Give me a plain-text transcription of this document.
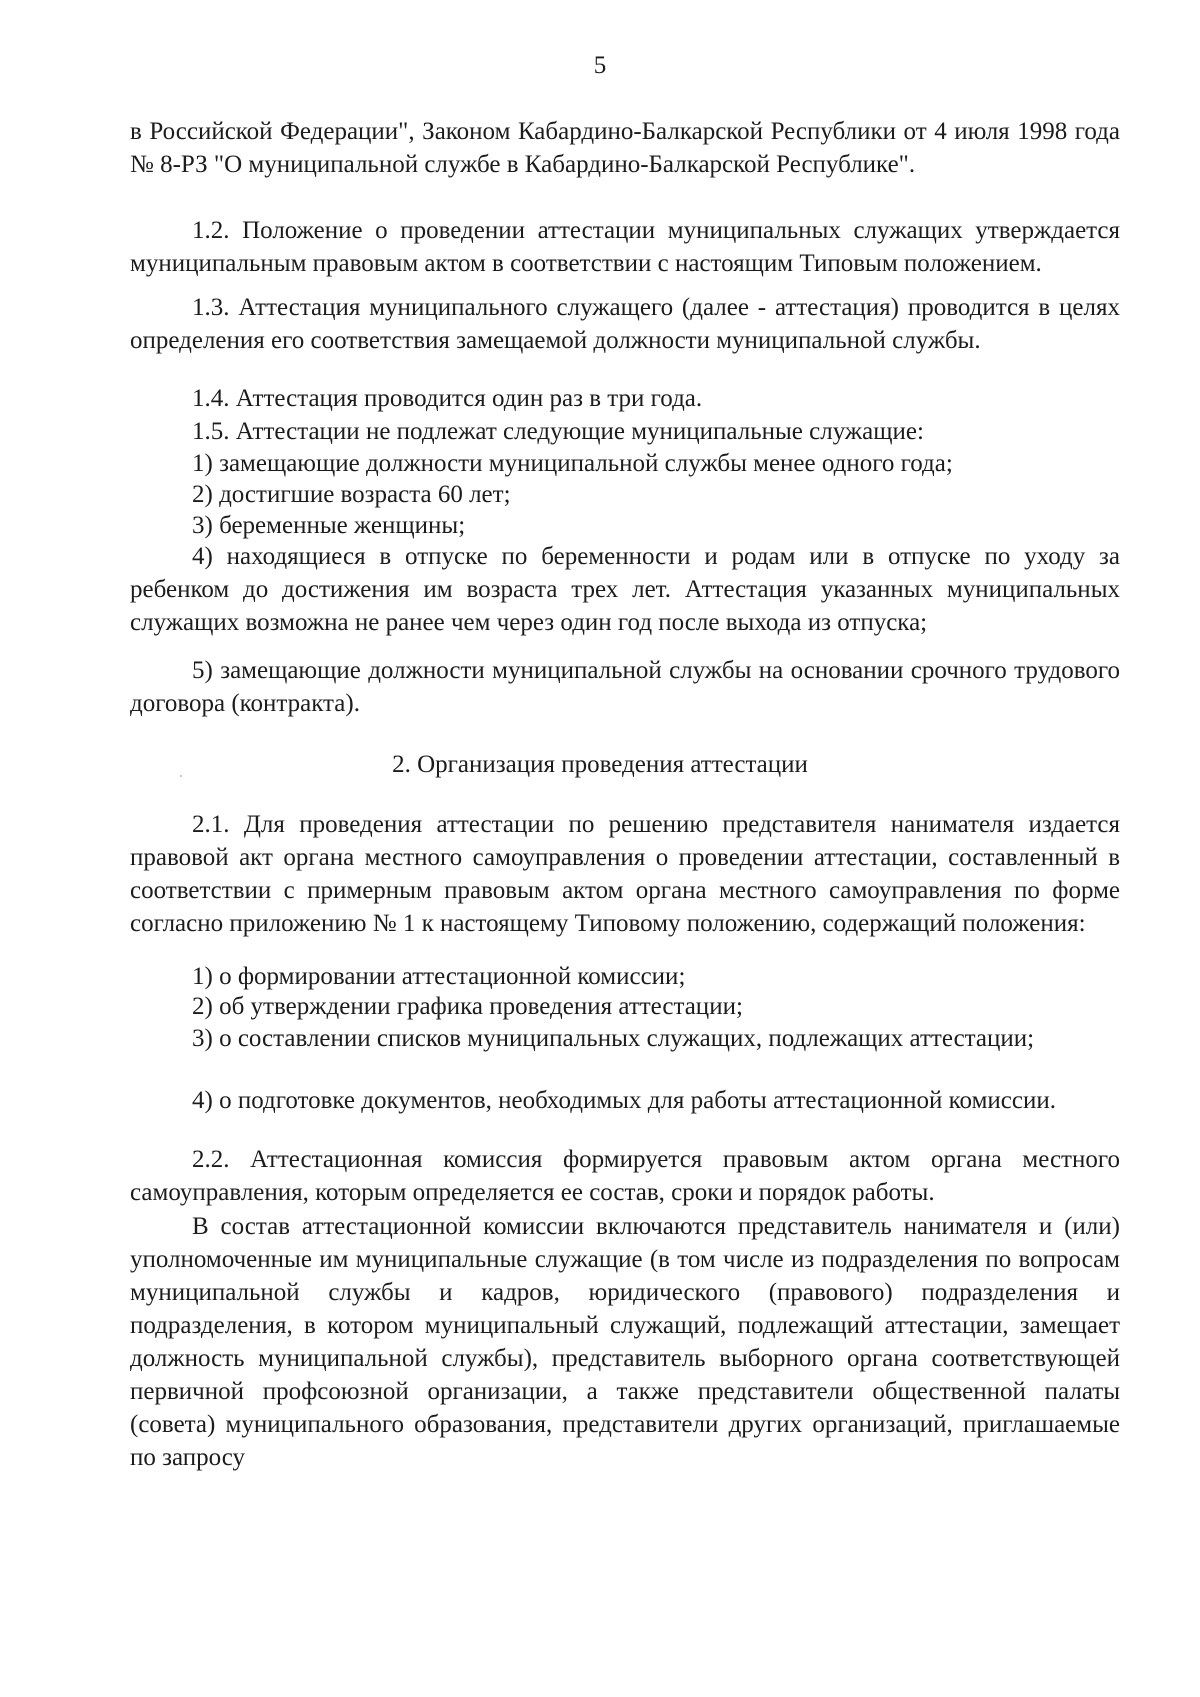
5
в Российской Федерации", Законом Кабардино-Балкарской Республики от 4 июля 1998 года № 8-РЗ "О муниципальной службе в Кабардино-Балкарской Республике".
1.2. Положение о проведении аттестации муниципальных служащих утверждается муниципальным правовым актом в соответствии с настоящим Типовым положением.
1.3. Аттестация муниципального служащего (далее - аттестация) проводится в целях определения его соответствия замещаемой должности муниципальной службы.
1.4. Аттестация проводится один раз в три года.
1.5. Аттестации не подлежат следующие муниципальные служащие:
1) замещающие должности муниципальной службы менее одного года;
2) достигшие возраста 60 лет;
3) беременные женщины;
4) находящиеся в отпуске по беременности и родам или в отпуске по уходу за ребенком до достижения им возраста трех лет. Аттестация указанных муниципальных служащих возможна не ранее чем через один год после выхода из отпуска;
5) замещающие должности муниципальной службы на основании срочного трудового договора (контракта).
2. Организация проведения аттестации
2.1. Для проведения аттестации по решению представителя нанимателя издается правовой акт органа местного самоуправления о проведении аттестации, составленный в соответствии с примерным правовым актом органа местного самоуправления по форме согласно приложению № 1 к настоящему Типовому положению, содержащий положения:
1) о формировании аттестационной комиссии;
2) об утверждении графика проведения аттестации;
3) о составлении списков муниципальных служащих, подлежащих аттестации;
4) о подготовке документов, необходимых для работы аттестационной комиссии.
2.2. Аттестационная комиссия формируется правовым актом органа местного самоуправления, которым определяется ее состав, сроки и порядок работы.
В состав аттестационной комиссии включаются представитель нанимателя и (или) уполномоченные им муниципальные служащие (в том числе из подразделения по вопросам муниципальной службы и кадров, юридического (правового) подразделения и подразделения, в котором муниципальный служащий, подлежащий аттестации, замещает должность муниципальной службы), представитель выборного органа соответствующей первичной профсоюзной организации, а также представители общественной палаты (совета) муниципального образования, представители других организаций, приглашаемые по запросу
